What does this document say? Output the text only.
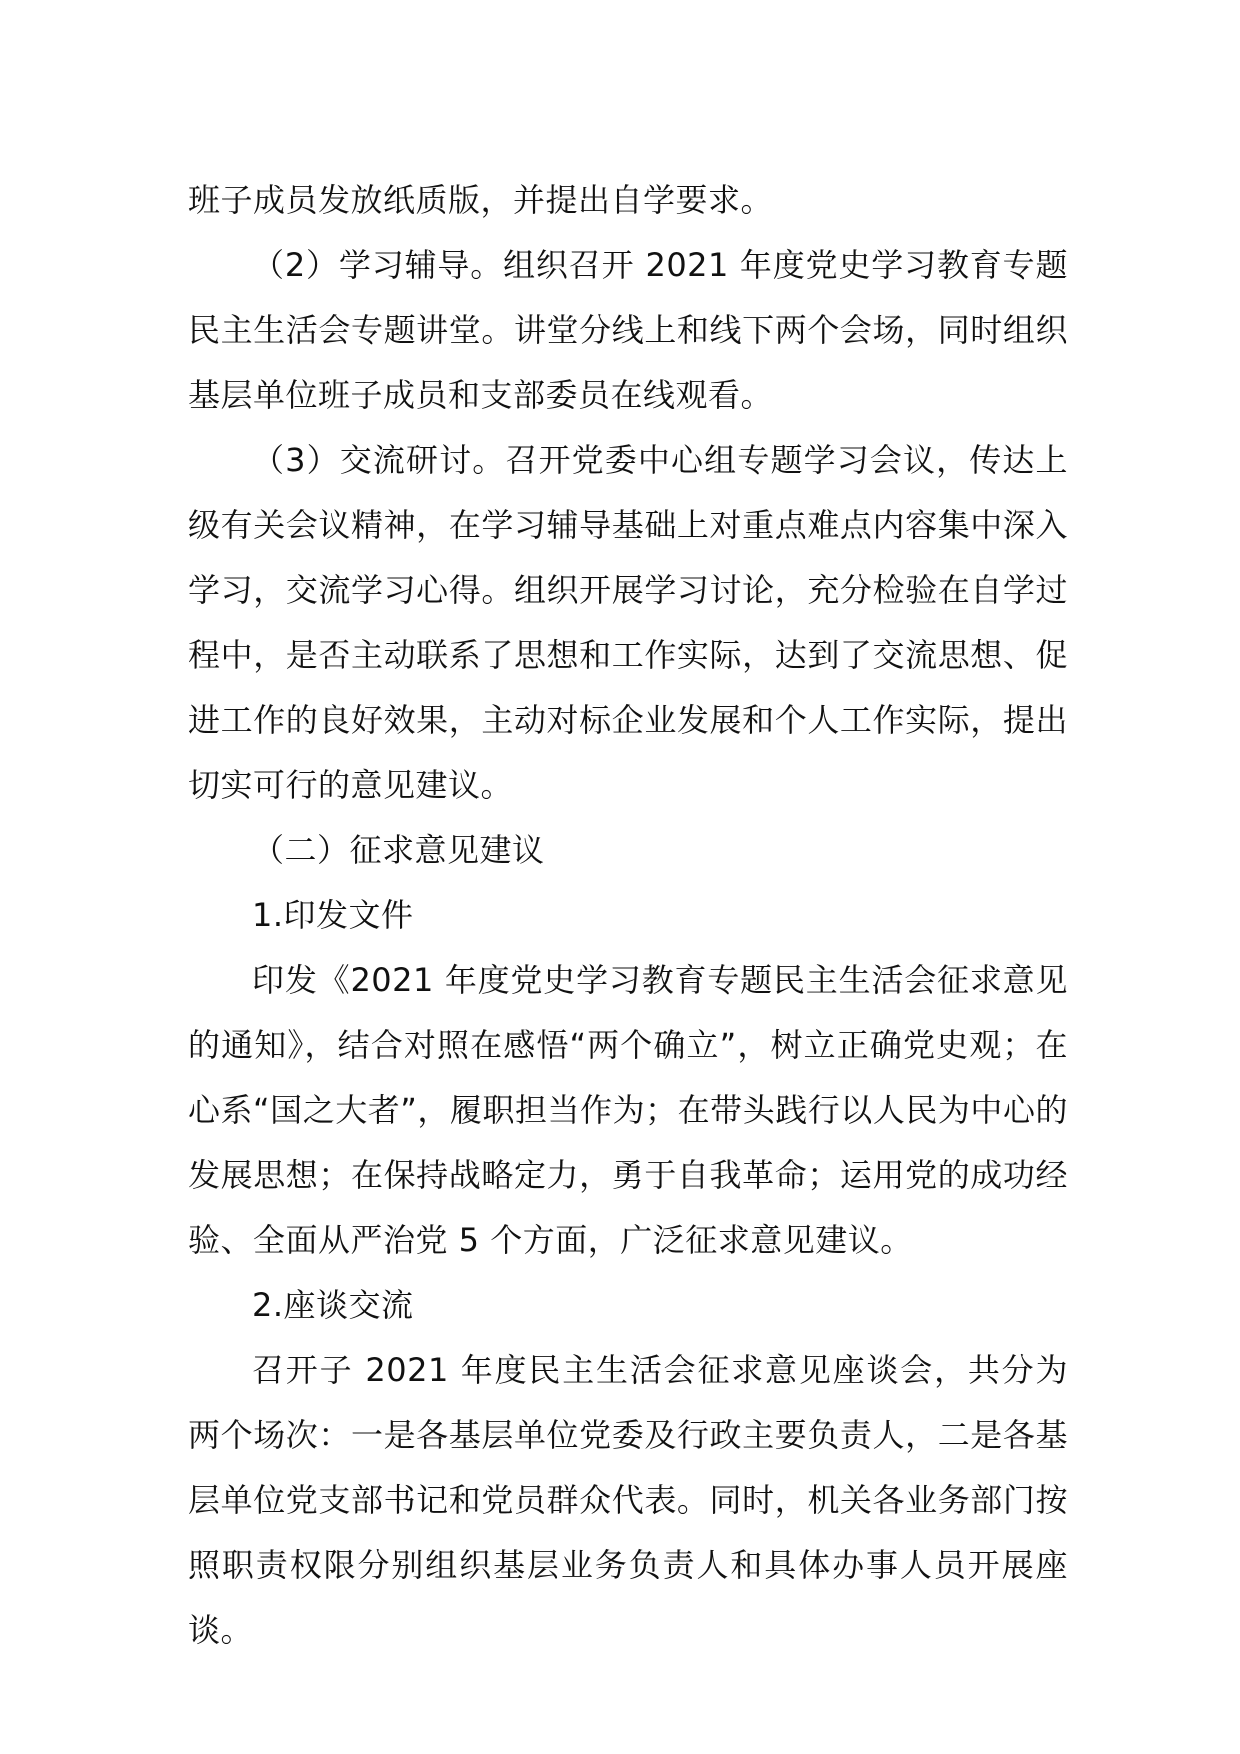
班子成员发放纸质版，并提出自学要求。

（2）学习辅导。组织召开 2021 年度党史学习教育专题民主生活会专题讲堂。讲堂分线上和线下两个会场，同时组织基层单位班子成员和支部委员在线观看。

（3）交流研讨。召开党委中心组专题学习会议，传达上级有关会议精神，在学习辅导基础上对重点难点内容集中深入学习，交流学习心得。组织开展学习讨论，充分检验在自学过程中，是否主动联系了思想和工作实际，达到了交流思想、促进工作的良好效果，主动对标企业发展和个人工作实际，提出切实可行的意见建议。

（二）征求意见建议

1.印发文件

印发《2021 年度党史学习教育专题民主生活会征求意见的通知》，结合对照在感悟“两个确立”，树立正确党史观；在心系“国之大者”，履职担当作为；在带头践行以人民为中心的发展思想；在保持战略定力，勇于自我革命；运用党的成功经验、全面从严治党 5 个方面，广泛征求意见建议。

2.座谈交流

召开子 2021 年度民主生活会征求意见座谈会，共分为两个场次：一是各基层单位党委及行政主要负责人，二是各基层单位党支部书记和党员群众代表。同时，机关各业务部门按照职责权限分别组织基层业务负责人和具体办事人员开展座谈。
